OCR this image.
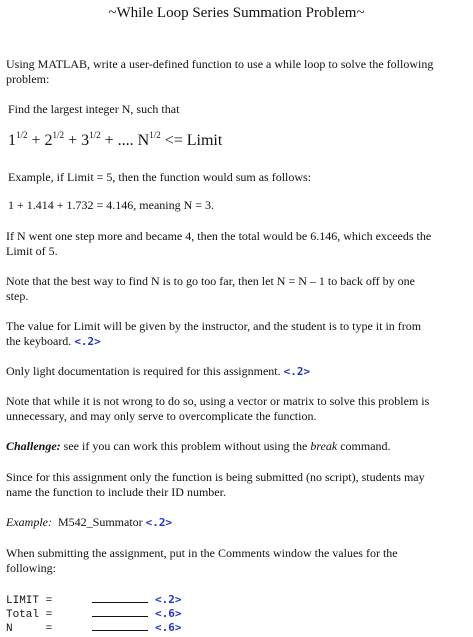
~While Loop Series Summation Problem~
Using MATLAB, write a user-defined function to use a while loop to solve the following
problem:
Find the largest integer N, such that
$1^{1/2} + 2^{1/2} + 3^{1/2}$ + .... $N^{1/2}$ <= Limit
Example, if Limit = 5, then the function would sum as follows:
1 + 1.414 + 1.732 = 4.146, meaning N = 3.
If N went one step more and became 4, then the total would be 6.146, which exceeds the
Limit of 5.
Note that the best way to find N is to go too far, then let N = N – 1 to back off by one
step.
The value for Limit will be given by the instructor, and the student is to type it in from
the keyboard. <.2>
Only light documentation is required for this assignment. <.2>
Note that while it is not wrong to do so, using a vector or matrix to solve this problem is
unnecessary, and may only serve to overcomplicate the function.
Challenge: see if you can work this problem without using the break command.
Since for this assignment only the function is being submitted (no script), students may
name the function to include their ID number.
Example:  M542_Summator <.2>
When submitting the assignment, put in the Comments window the values for the
following:
LIMIT =	<.2>
Total =	<.6>
N     =	<.6>
